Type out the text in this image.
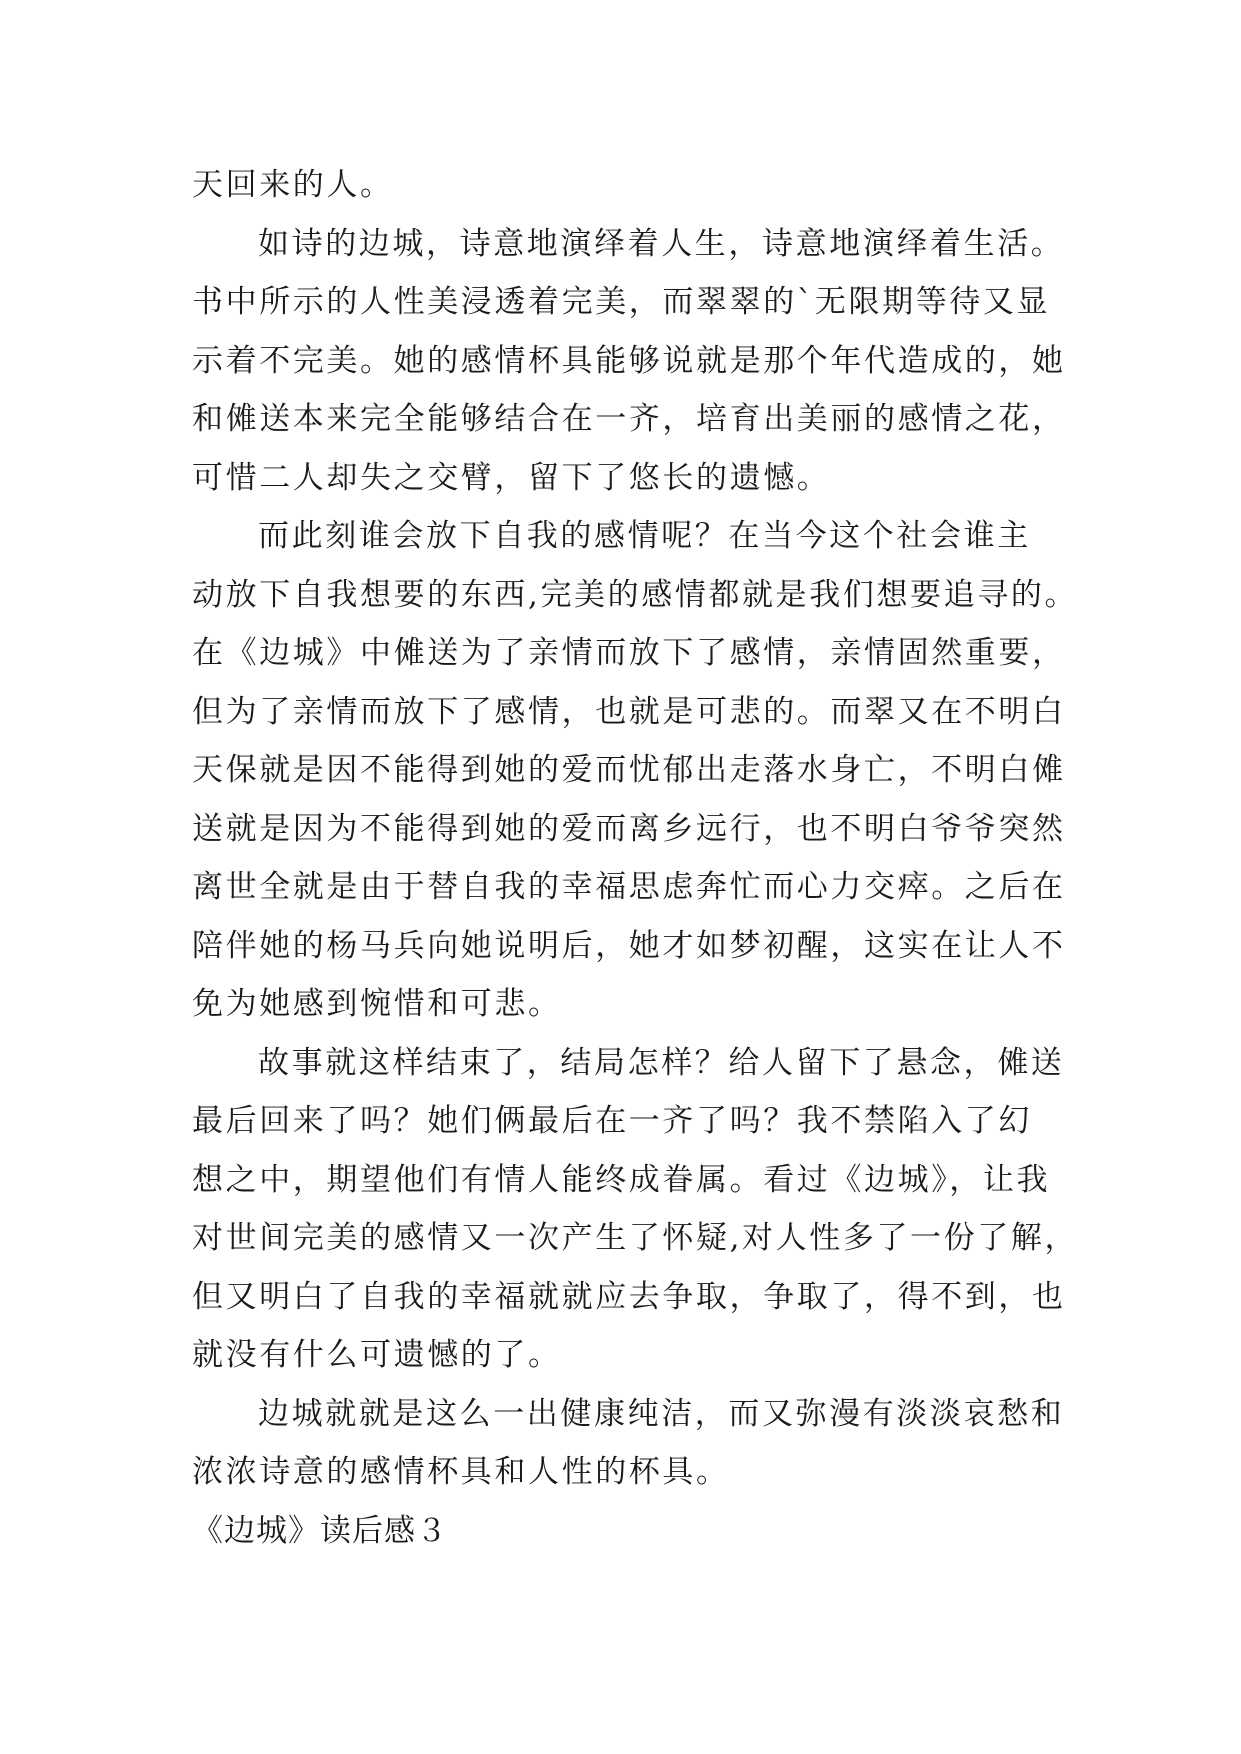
天回来的人。
如诗的边城，诗意地演绎着人生，诗意地演绎着生活。
书中所示的人性美浸透着完美，而翠翠的`无限期等待又显
示着不完美。她的感情杯具能够说就是那个年代造成的，她
和傩送本来完全能够结合在一齐，培育出美丽的感情之花，
可惜二人却失之交臂，留下了悠长的遗憾。
而此刻谁会放下自我的感情呢？在当今这个社会谁主
动放下自我想要的东西,完美的感情都就是我们想要追寻的。
在《边城》中傩送为了亲情而放下了感情，亲情固然重要，
但为了亲情而放下了感情，也就是可悲的。而翠又在不明白
天保就是因不能得到她的爱而忧郁出走落水身亡，不明白傩
送就是因为不能得到她的爱而离乡远行，也不明白爷爷突然
离世全就是由于替自我的幸福思虑奔忙而心力交瘁。之后在
陪伴她的杨马兵向她说明后，她才如梦初醒，这实在让人不
免为她感到惋惜和可悲。
故事就这样结束了，结局怎样？给人留下了悬念，傩送
最后回来了吗？她们俩最后在一齐了吗？我不禁陷入了幻
想之中，期望他们有情人能终成眷属。看过《边城》，让我
对世间完美的感情又一次产生了怀疑,对人性多了一份了解，
但又明白了自我的幸福就就应去争取，争取了，得不到，也
就没有什么可遗憾的了。
边城就就是这么一出健康纯洁，而又弥漫有淡淡哀愁和
浓浓诗意的感情杯具和人性的杯具。
《边城》读后感３
